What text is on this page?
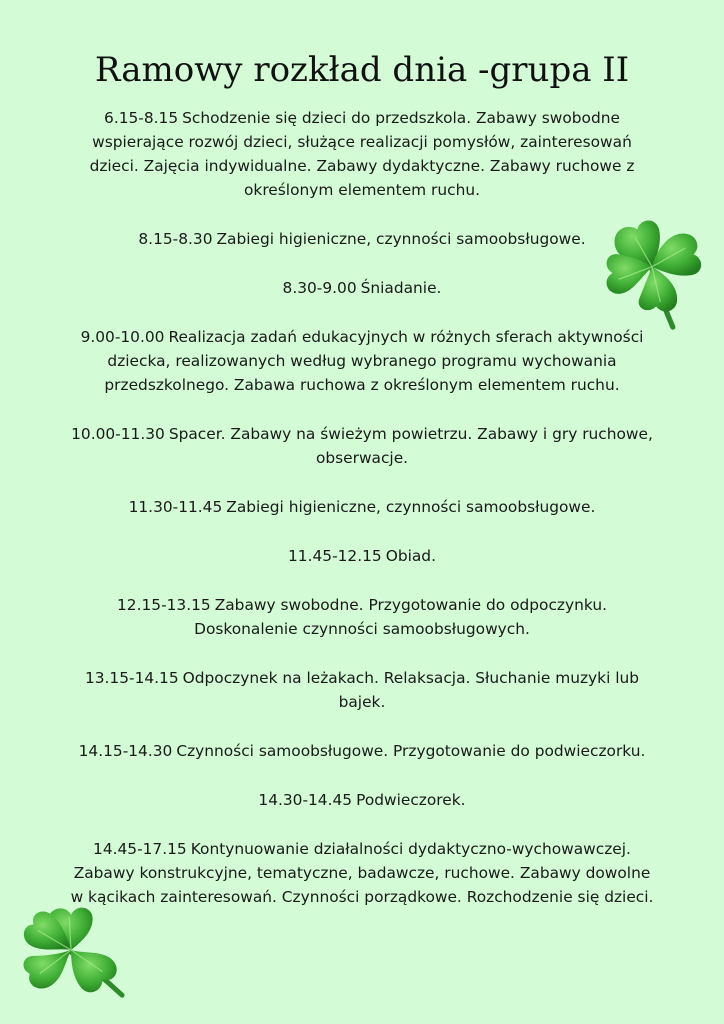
Ramowy rozkład dnia -grupa II

6.15-8.15 Schodzenie się dzieci do przedszkola. Zabawy swobodne wspierające rozwój dzieci, służące realizacji pomysłów, zainteresowań dzieci. Zajęcia indywidualne. Zabawy dydaktyczne. Zabawy ruchowe z określonym elementem ruchu.

8.15-8.30 Zabiegi higieniczne, czynności samoobsługowe.

8.30-9.00 Śniadanie.

9.00-10.00 Realizacja zadań edukacyjnych w różnych sferach aktywności dziecka, realizowanych według wybranego programu wychowania przedszkolnego. Zabawa ruchowa z określonym elementem ruchu.

10.00-11.30 Spacer. Zabawy na świeżym powietrzu. Zabawy i gry ruchowe, obserwacje.

11.30-11.45 Zabiegi higieniczne, czynności samoobsługowe.

11.45-12.15 Obiad.

12.15-13.15 Zabawy swobodne. Przygotowanie do odpoczynku. Doskonalenie czynności samoobsługowych.

13.15-14.15 Odpoczynek na leżakach. Relaksacja. Słuchanie muzyki lub bajek.

14.15-14.30 Czynności samoobsługowe. Przygotowanie do podwieczorku.

14.30-14.45 Podwieczorek.

14.45-17.15 Kontynuowanie działalności dydaktyczno-wychowawczej. Zabawy konstrukcyjne, tematyczne, badawcze, ruchowe. Zabawy dowolne w kącikach zainteresowań. Czynności porządkowe. Rozchodzenie się dzieci.
